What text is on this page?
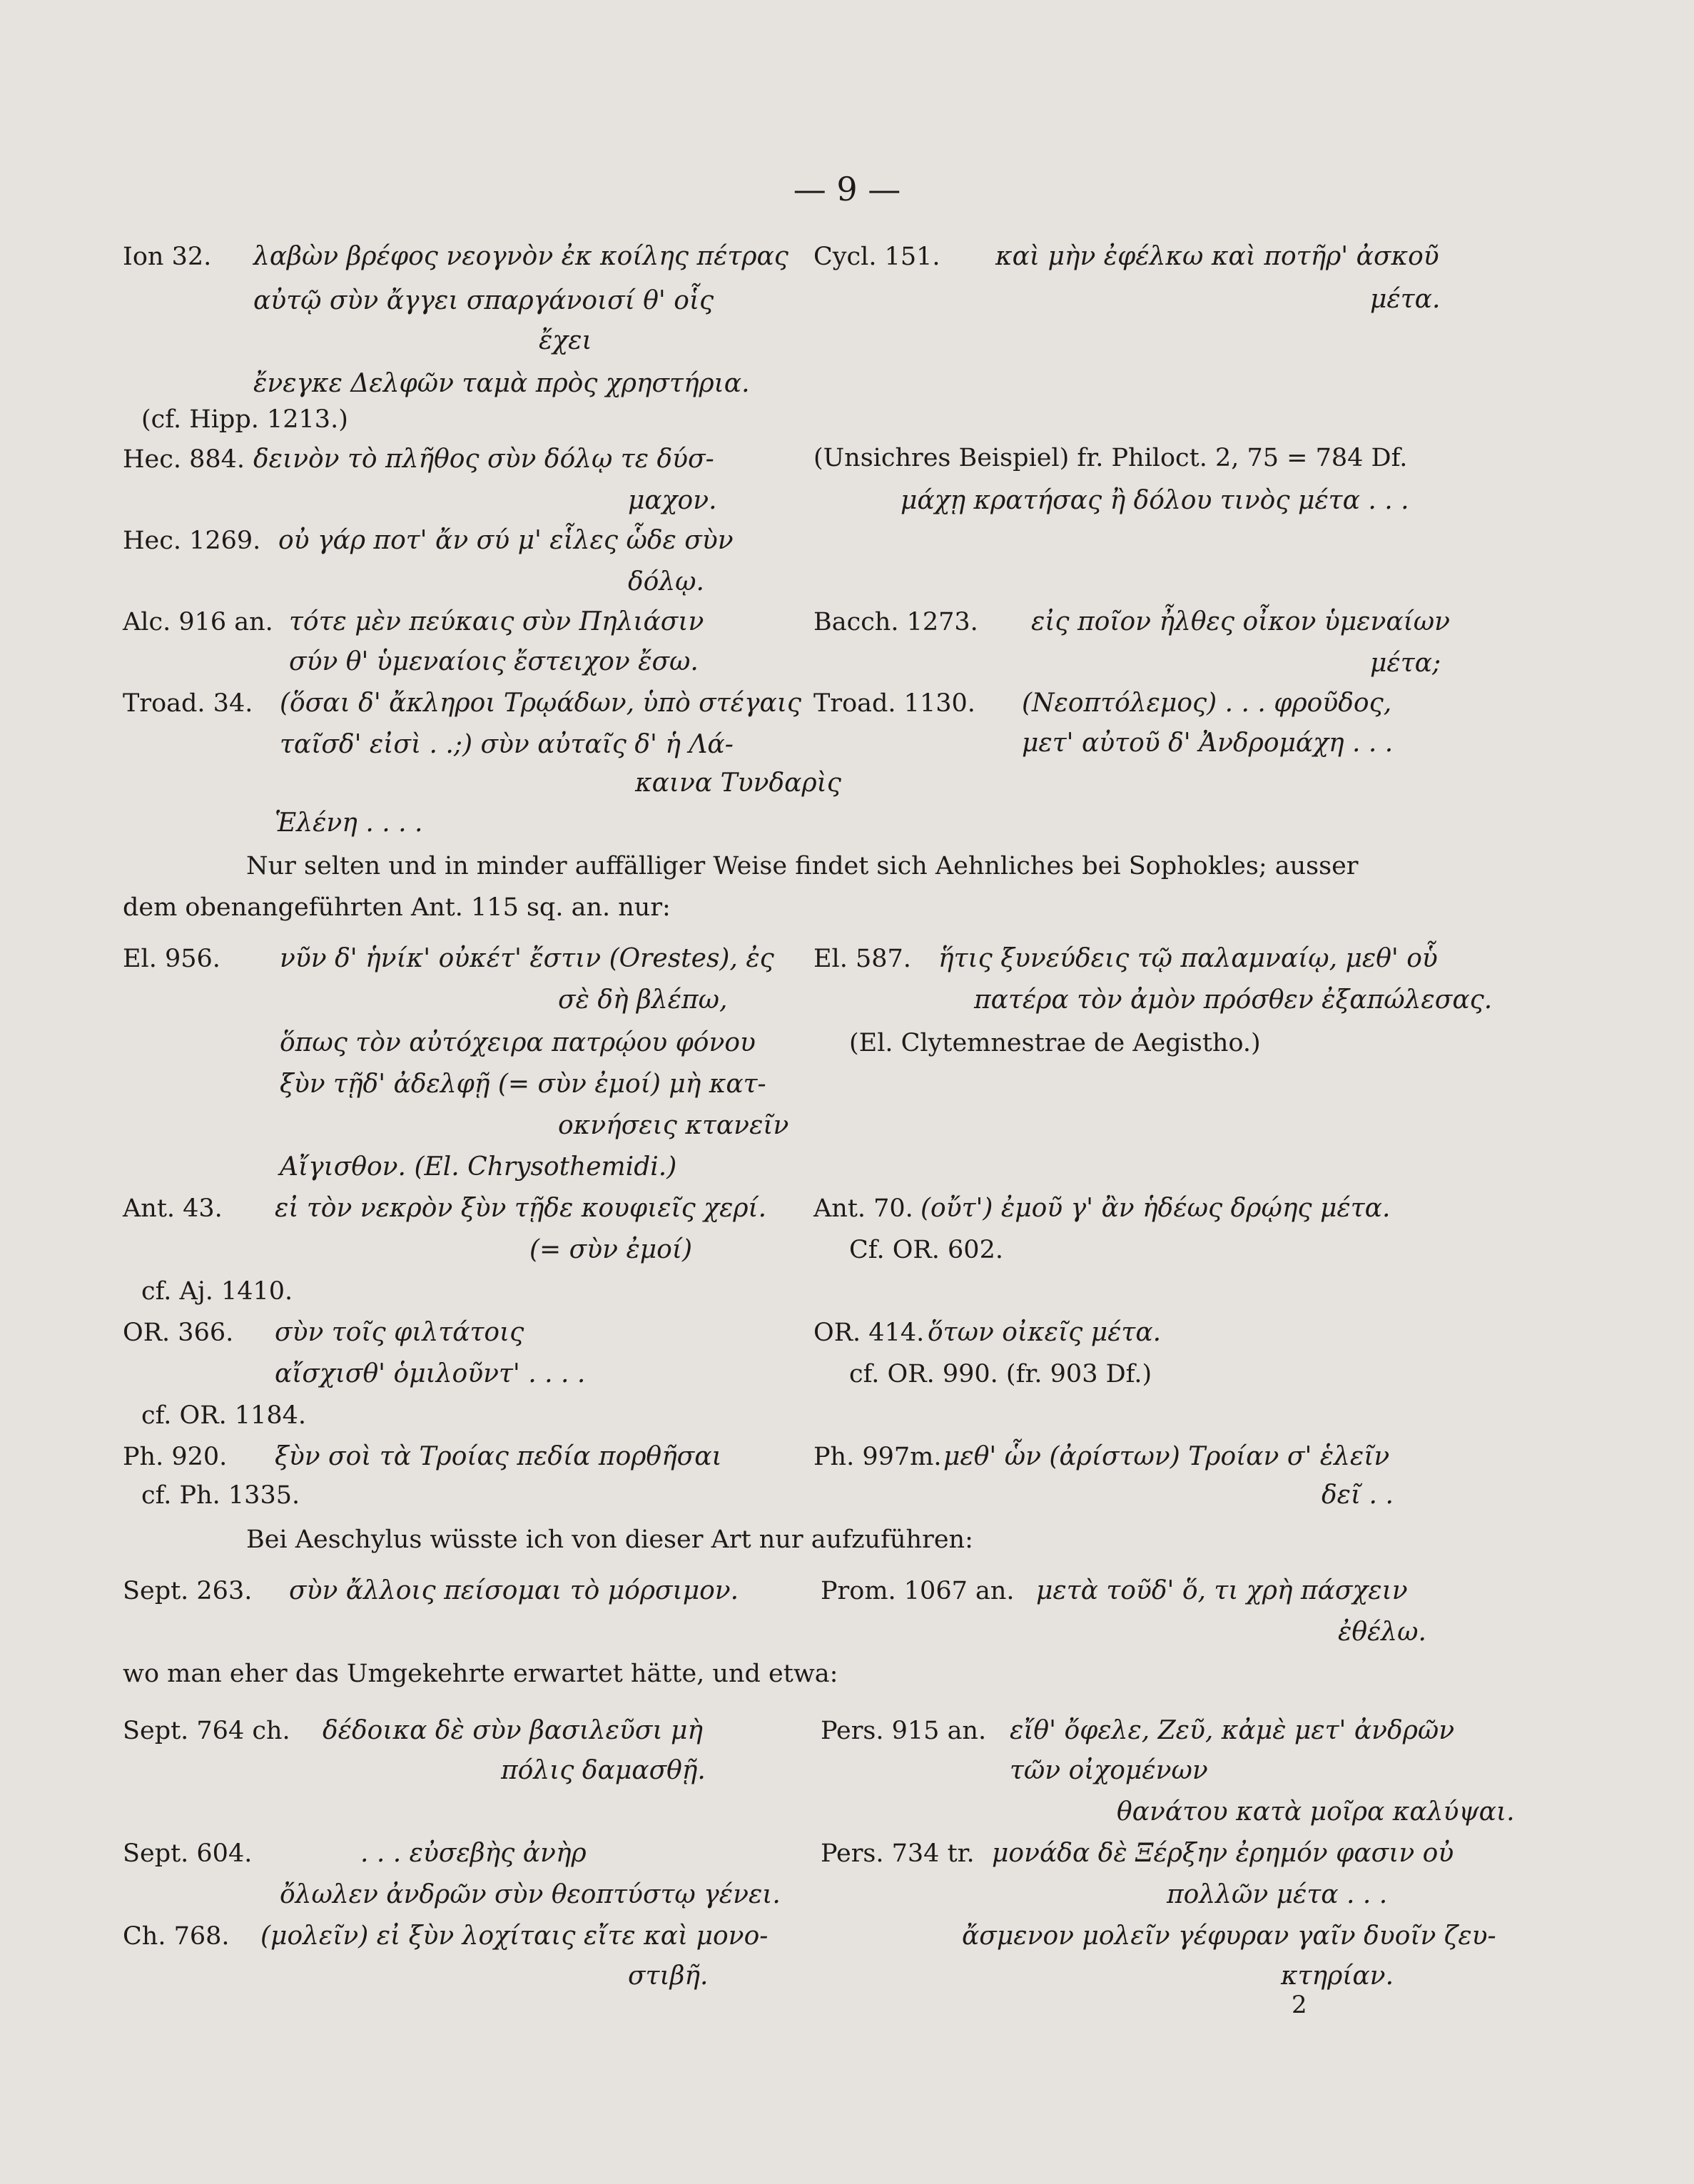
— 9 —
Ion 32. λαβὼν βρέφος νεογνὸν ἐκ κοίλης πέτρας
αὐτῷ σὺν ἄγγει σπαργάνοισί θ' οἷς
ἔχει
ἔνεγκε Δελφῶν ταμὰ πρὸς χρηστήρια.
(cf. Hipp. 1213.)
Hec. 884. δεινὸν τὸ πλῆθος σὺν δόλῳ τε δύσ-
μαχον.
Hec. 1269. οὐ γάρ ποτ' ἄν σύ μ' εἷλες ὧδε σὺν
δόλῳ.
Alc. 916 an. τότε μὲν πεύκαις σὺν Πηλιάσιν
σύν θ' ὑμεναίοις ἔστειχον ἔσω.
Troad. 34. (ὅσαι δ' ἄκληροι Τρῳάδων, ὑπὸ στέγαις
ταῖσδ' εἰσὶ . .;) σὺν αὐταῖς δ' ἡ Λά-
καινα Τυνδαρὶς
Ἑλένη . . . .
Cycl. 151. καὶ μὴν ἐφέλκω καὶ ποτῆρ' ἀσκοῦ
μέτα.
(Unsichres Beispiel) fr. Philoct. 2, 75 = 784 Df.
μάχῃ κρατήσας ἢ δόλου τινὸς μέτα . . .
Bacch. 1273. εἰς ποῖον ἦλθες οἶκον ὑμεναίων
μέτα;
Troad. 1130. (Νεοπτόλεμος) . . . φροῦδος,
μετ' αὐτοῦ δ' Ἀνδρομάχη . . .
Nur selten und in minder auffälliger Weise findet sich Aehnliches bei Sophokles; ausser
dem obenangeführten Ant. 115 sq. an. nur:
El. 956. νῦν δ' ἡνίκ' οὐκέτ' ἔστιν (Orestes), ἐς
σὲ δὴ βλέπω,
ὅπως τὸν αὐτόχειρα πατρῴου φόνου
ξὺν τῇδ' ἀδελφῇ (= σὺν ἐμοί) μὴ κατ-
οκνήσεις κτανεῖν
Αἴγισθον. (El. Chrysothemidi.)
Ant. 43. εἰ τὸν νεκρὸν ξὺν τῇδε κουφιεῖς χερί.
(= σὺν ἐμοί)
cf. Aj. 1410.
OR. 366. σὺν τοῖς φιλτάτοις
αἴσχισθ' ὁμιλοῦντ' . . . .
cf. OR. 1184.
Ph. 920. ξὺν σοὶ τὰ Τροίας πεδία πορθῆσαι
cf. Ph. 1335.
El. 587. ἥτις ξυνεύδεις τῷ παλαμναίῳ, μεθ' οὗ
πατέρα τὸν ἀμὸν πρόσθεν ἐξαπώλεσας.
(El. Clytemnestrae de Aegistho.)
Ant. 70. (οὔτ') ἐμοῦ γ' ἂν ἡδέως δρῴης μέτα.
Cf. OR. 602.
OR. 414. ὅτων οἰκεῖς μέτα.
cf. OR. 990. (fr. 903 Df.)
Ph. 997m. μεθ' ὧν (ἀρίστων) Τροίαν σ' ἑλεῖν
δεῖ . .
Bei Aeschylus wüsste ich von dieser Art nur aufzuführen:
Sept. 263. σὺν ἄλλοις πείσομαι τὸ μόρσιμον.	Prom. 1067 an. μετὰ τοῦδ' ὅ, τι χρὴ πάσχειν
ἐθέλω.
wo man eher das Umgekehrte erwartet hätte, und etwa:
Sept. 764 ch. δέδοικα δὲ σὺν βασιλεῦσι μὴ
πόλις δαμασθῇ.
Sept. 604.	. . . εὐσεβὴς ἀνὴρ
ὄλωλεν ἀνδρῶν σὺν θεοπτύστῳ γένει.
Ch. 768. (μολεῖν) εἰ ξὺν λοχίταις εἴτε καὶ μονο-
στιβῆ.
Pers. 915 an. εἴθ' ὄφελε, Ζεῦ, κἀμὲ μετ' ἀνδρῶν
τῶν οἰχομένων
θανάτου κατὰ μοῖρα καλύψαι.
Pers. 734 tr. μονάδα δὲ Ξέρξην ἐρημόν φασιν οὐ
πολλῶν μέτα . . .
ἄσμενον μολεῖν γέφυραν γαῖν δυοῖν ζευ-
κτηρίαν.
2
